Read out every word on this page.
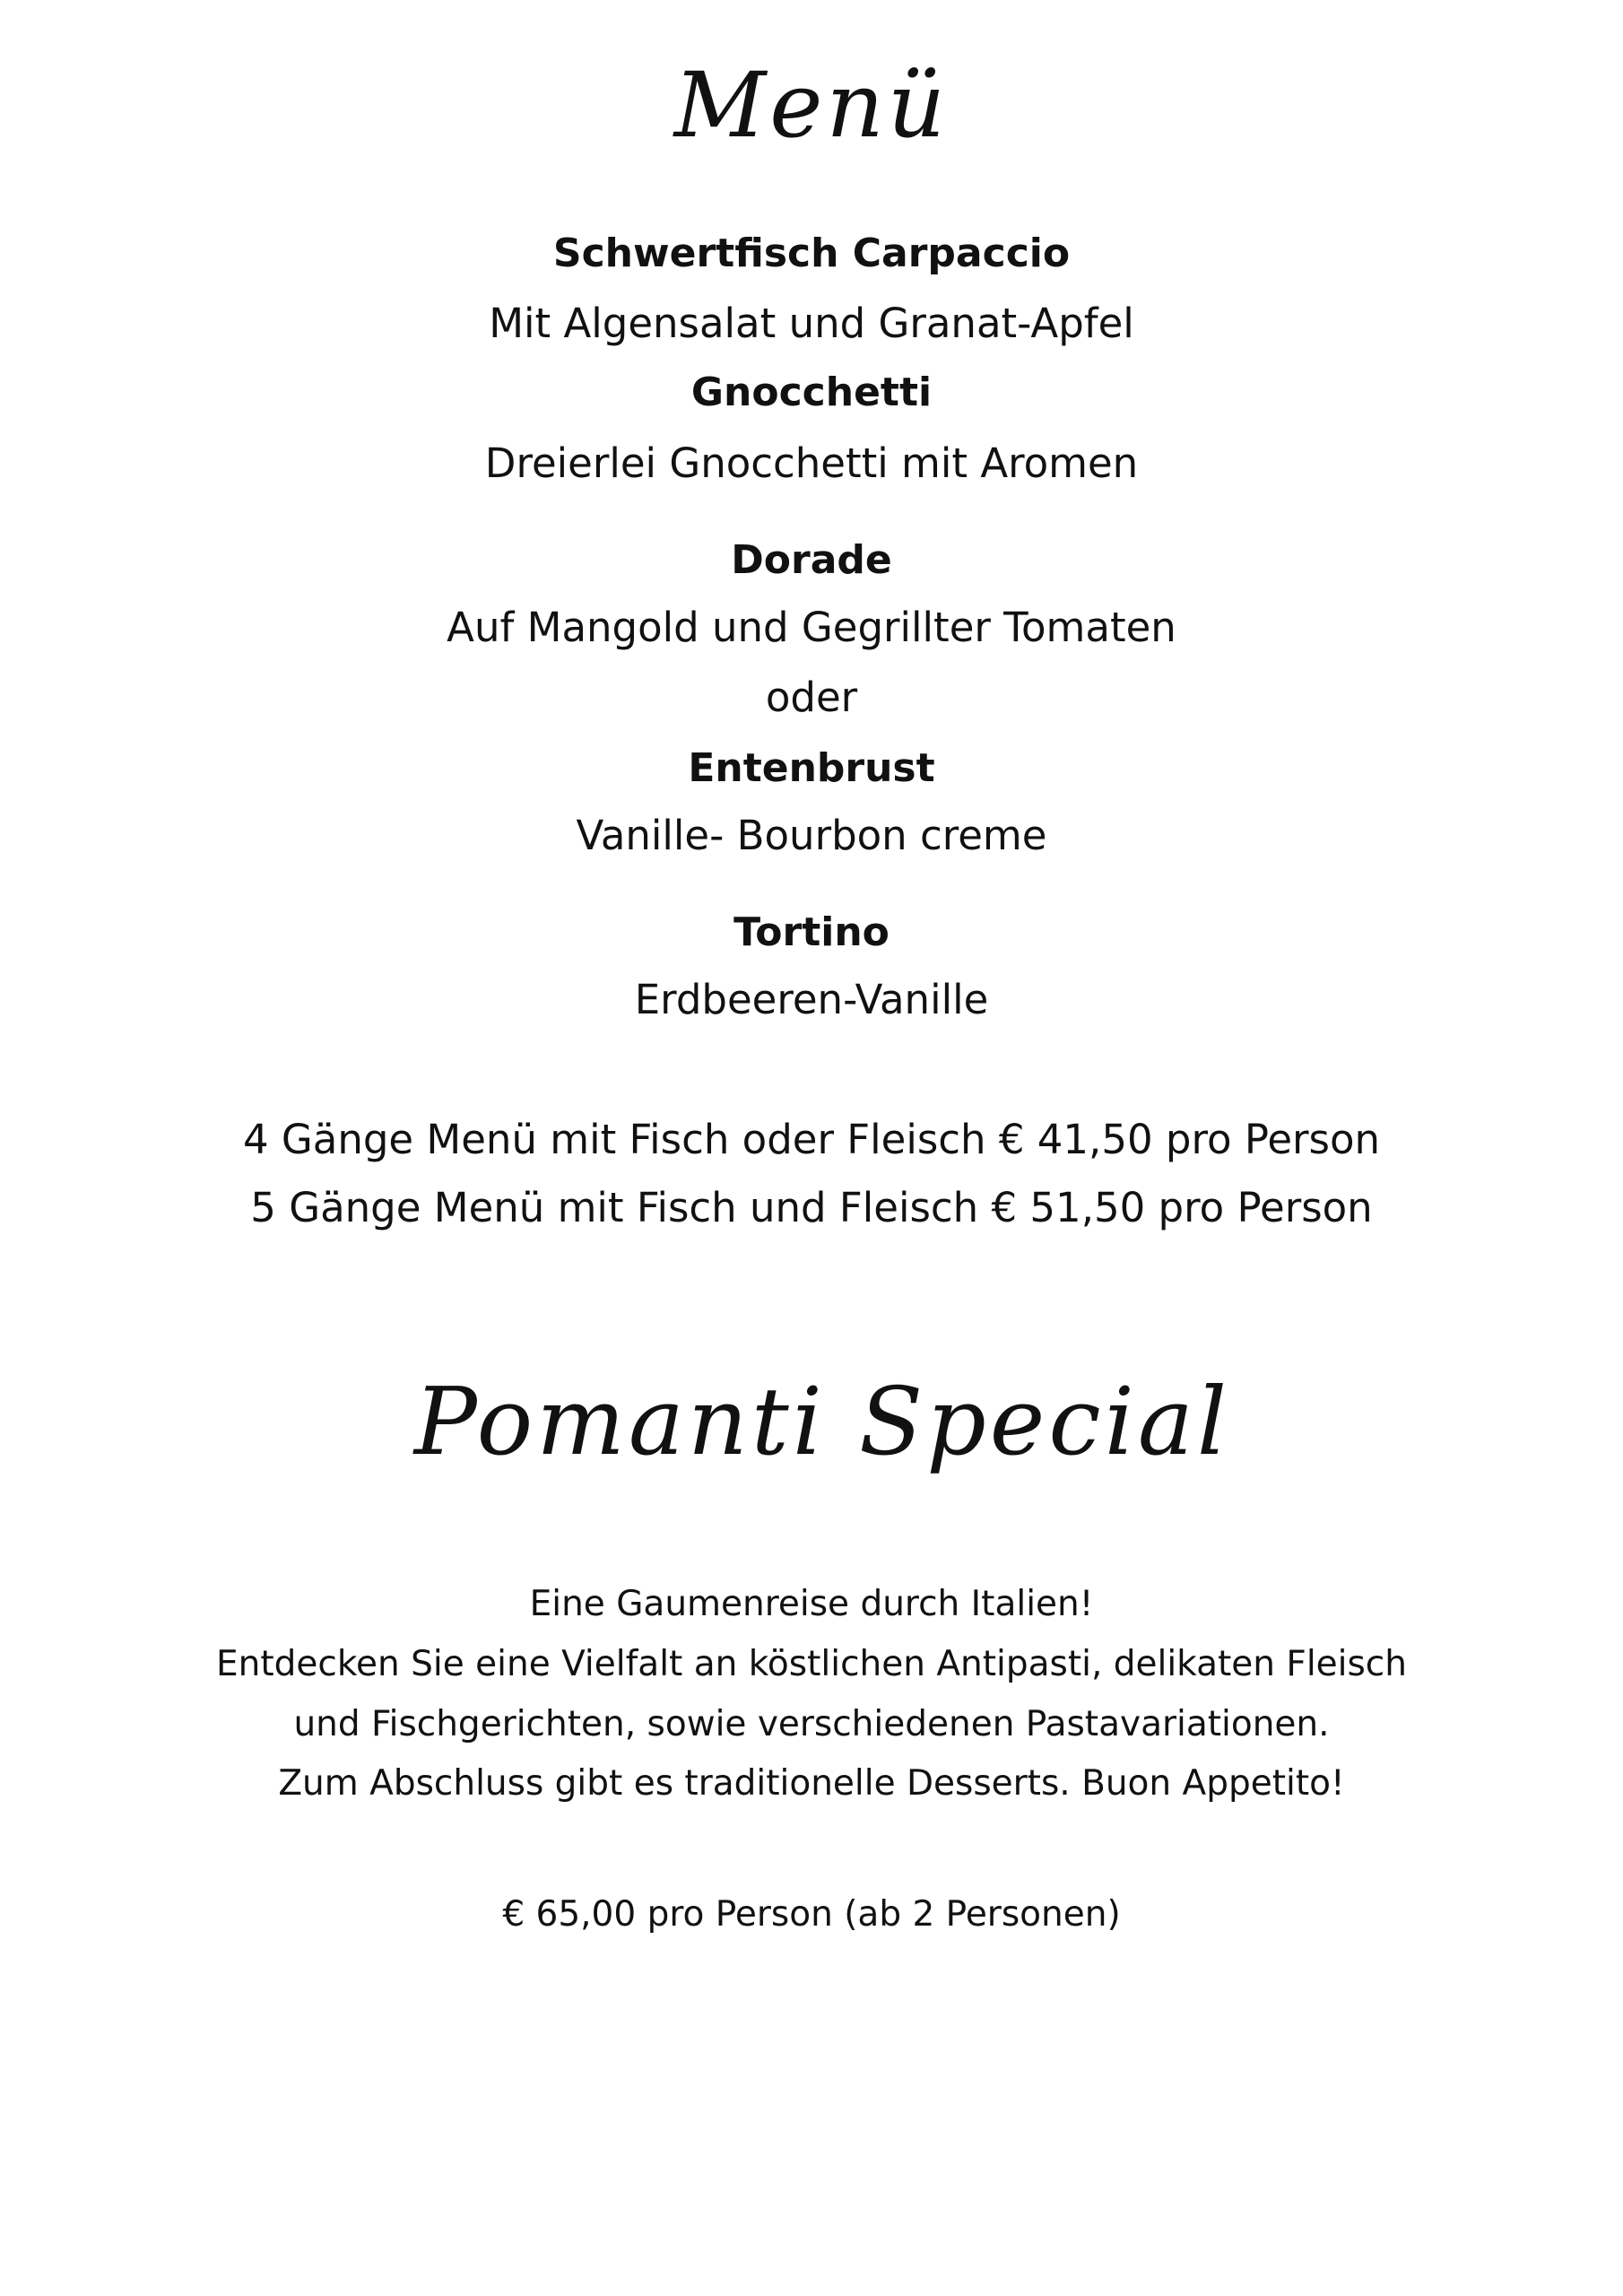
Menü
Schwertfisch Carpaccio
Mit Algensalat und Granat-Apfel
Gnocchetti
Dreierlei Gnocchetti mit Aromen
Dorade
Auf Mangold und Gegrillter Tomaten
oder
Entenbrust
Vanille- Bourbon creme
Tortino
Erdbeeren-Vanille
4 Gänge Menü mit Fisch oder Fleisch € 41,50 pro Person
5 Gänge Menü mit Fisch und Fleisch € 51,50 pro Person
Pomanti Special
Eine Gaumenreise durch Italien!
Entdecken Sie eine Vielfalt an köstlichen Antipasti, delikaten Fleisch
und Fischgerichten, sowie verschiedenen Pastavariationen.
Zum Abschluss gibt es traditionelle Desserts. Buon Appetito!
€ 65,00 pro Person (ab 2 Personen)
